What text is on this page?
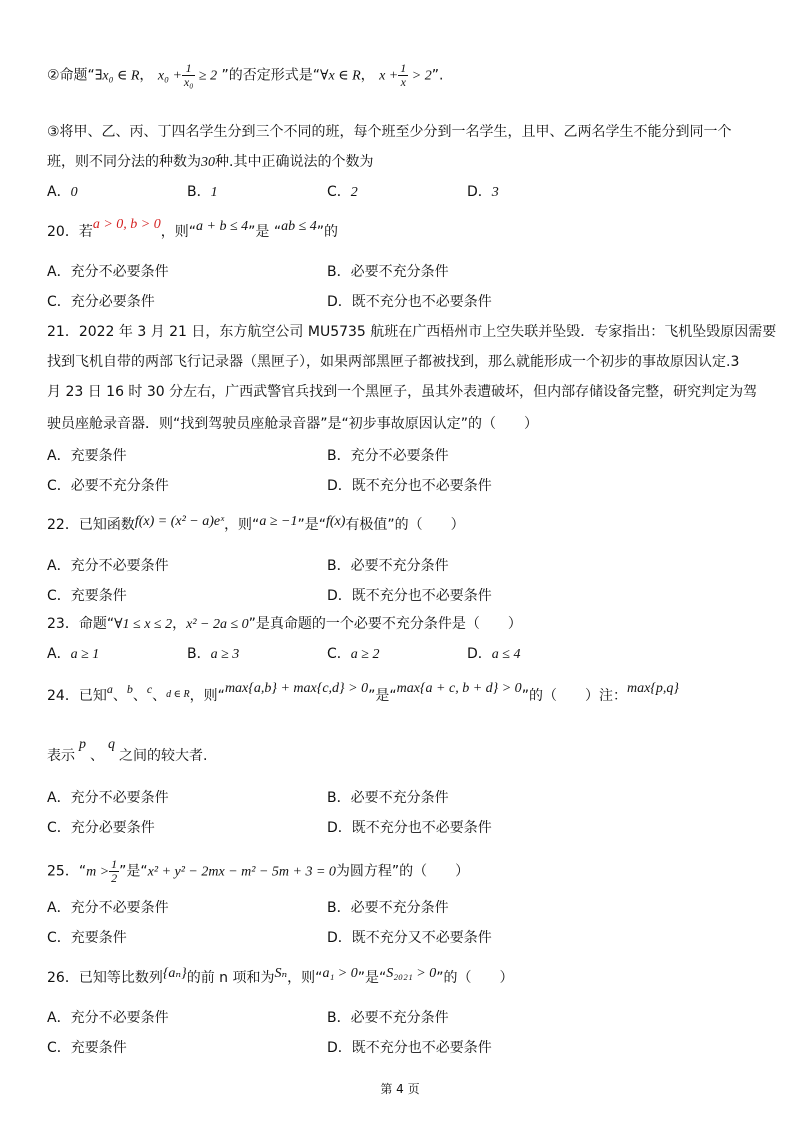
②命题“∃x₀ ∈ R， $x_0 + \frac{1}{\text{x₀}} \ge 2$ ”的否定形式是“∀x ∈ R， $x + \frac{1}{x} > 2$”.
③将甲、乙、丙、丁四名学生分到三个不同的班，每个班至少分到一名学生，且甲、乙两名学生不能分到同一个
班，则不同分法的种数为30种.其中正确说法的个数为
A．0	B．1	C．2	D．3
20．若a > 0, b > 0，则“a + b ≤ 4”是 “ab ≤ 4”的
A．充分不必要条件	B．必要不充分条件
C．充分必要条件	D．既不充分也不必要条件
21．2022 年 3 月 21 日，东方航空公司 MU5735 航班在广西梧州市上空失联并坠毁．专家指出：飞机坠毁原因需要
找到飞机自带的两部飞行记录器（黑匣子），如果两部黑匣子都被找到，那么就能形成一个初步的事故原因认定.3
月 23 日 16 时 30 分左右，广西武警官兵找到一个黑匣子，虽其外表遭破坏，但内部存储设备完整，研究判定为驾
驶员座舱录音器．则“找到驾驶员座舱录音器”是“初步事故原因认定”的（　　）
A．充要条件	B．充分不必要条件
C．必要不充分条件	D．既不充分也不必要条件
22．已知函数f(x) = (x² − a)eˣ，则“a ≥ −1”是“f(x)有极值”的（　　）
A．充分不必要条件	B．必要不充分条件
C．充要条件	D．既不充分也不必要条件
23．命题“∀1 ≤ x ≤ 2，x² − 2a ≤ 0”是真命题的一个必要不充分条件是（　　）
A．a ≥ 1	B．a ≥ 3	C．a ≥ 2	D．a ≤ 4
24．已知a、b、c、$^{d \in R}$，则“max{a,b} + max{c,d} > 0”是“max{a + c, b + d} > 0”的（　　）注：max{p,q}
表示p、q之间的较大者.
A．充分不必要条件	B．必要不充分条件
C．充分必要条件	D．既不充分也不必要条件
25．“$m > \frac{1}{2}$ ”是“x² + y² − 2mx − m² − 5m + 3 = 0为圆方程”的（　　）
A．充分不必要条件	B．必要不充分条件
C．充要条件	D．既不充分又不必要条件
26．已知等比数列{aₙ}的前 n 项和为Sₙ，则“a₁ > 0”是“S₂₀₂₁ > 0”的（　　）
A．充分不必要条件	B．必要不充分条件
C．充要条件	D．既不充分也不必要条件
第 4 页
